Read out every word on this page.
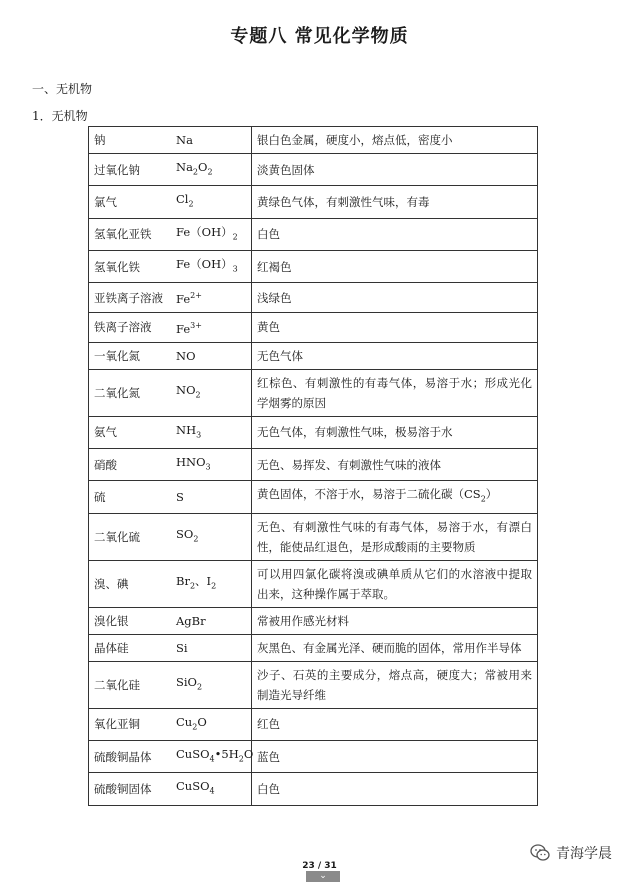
专题八 常见化学物质
一、无机物
1．无机物
钠	Na	银白色金属，硬度小，熔点低，密度小
过氧化钠	$Na_2O_2$	淡黄色固体
氯气	$Cl_2$	黄绿色气体，有刺激性气味，有毒
氢氧化亚铁	$Fe(OH)_2$	白色
氢氧化铁	$Fe(OH)_3$	红褐色
亚铁离子溶液	$Fe^{2+}$	浅绿色
铁离子溶液	$Fe^{3+}$	黄色
一氧化氮	NO	无色气体
二氧化氮	$NO_2$	红棕色、有刺激性的有毒气体，易溶于水；形成光化学烟雾的原因
氨气	$NH_3$	无色气体，有刺激性气味，极易溶于水
硝酸	$HNO_3$	无色、易挥发、有刺激性气味的液体
硫	S	黄色固体，不溶于水，易溶于二硫化碳$(CS_2)$
二氧化硫	$SO_2$	无色、有刺激性气味的有毒气体，易溶于水，有漂白性，能使品红退色，是形成酸雨的主要物质
溴、碘	$Br_2$、$I_2$	可以用四氯化碳将溴或碘单质从它们的水溶液中提取出来，这种操作属于萃取。
溴化银	AgBr	常被用作感光材料
晶体硅	Si	灰黑色、有金属光泽、硬而脆的固体，常用作半导体
二氧化硅	SiO$_2$	沙子、石英的主要成分，熔点高，硬度大；常被用来制造光导纤维
氧化亚铜	$Cu_2O$	红色
硫酸铜晶体	$CuSO_4•5H_2O$	蓝色
硫酸铜固体	CuSO$_4$	白色
23 / 31
⌄
青海学晨
